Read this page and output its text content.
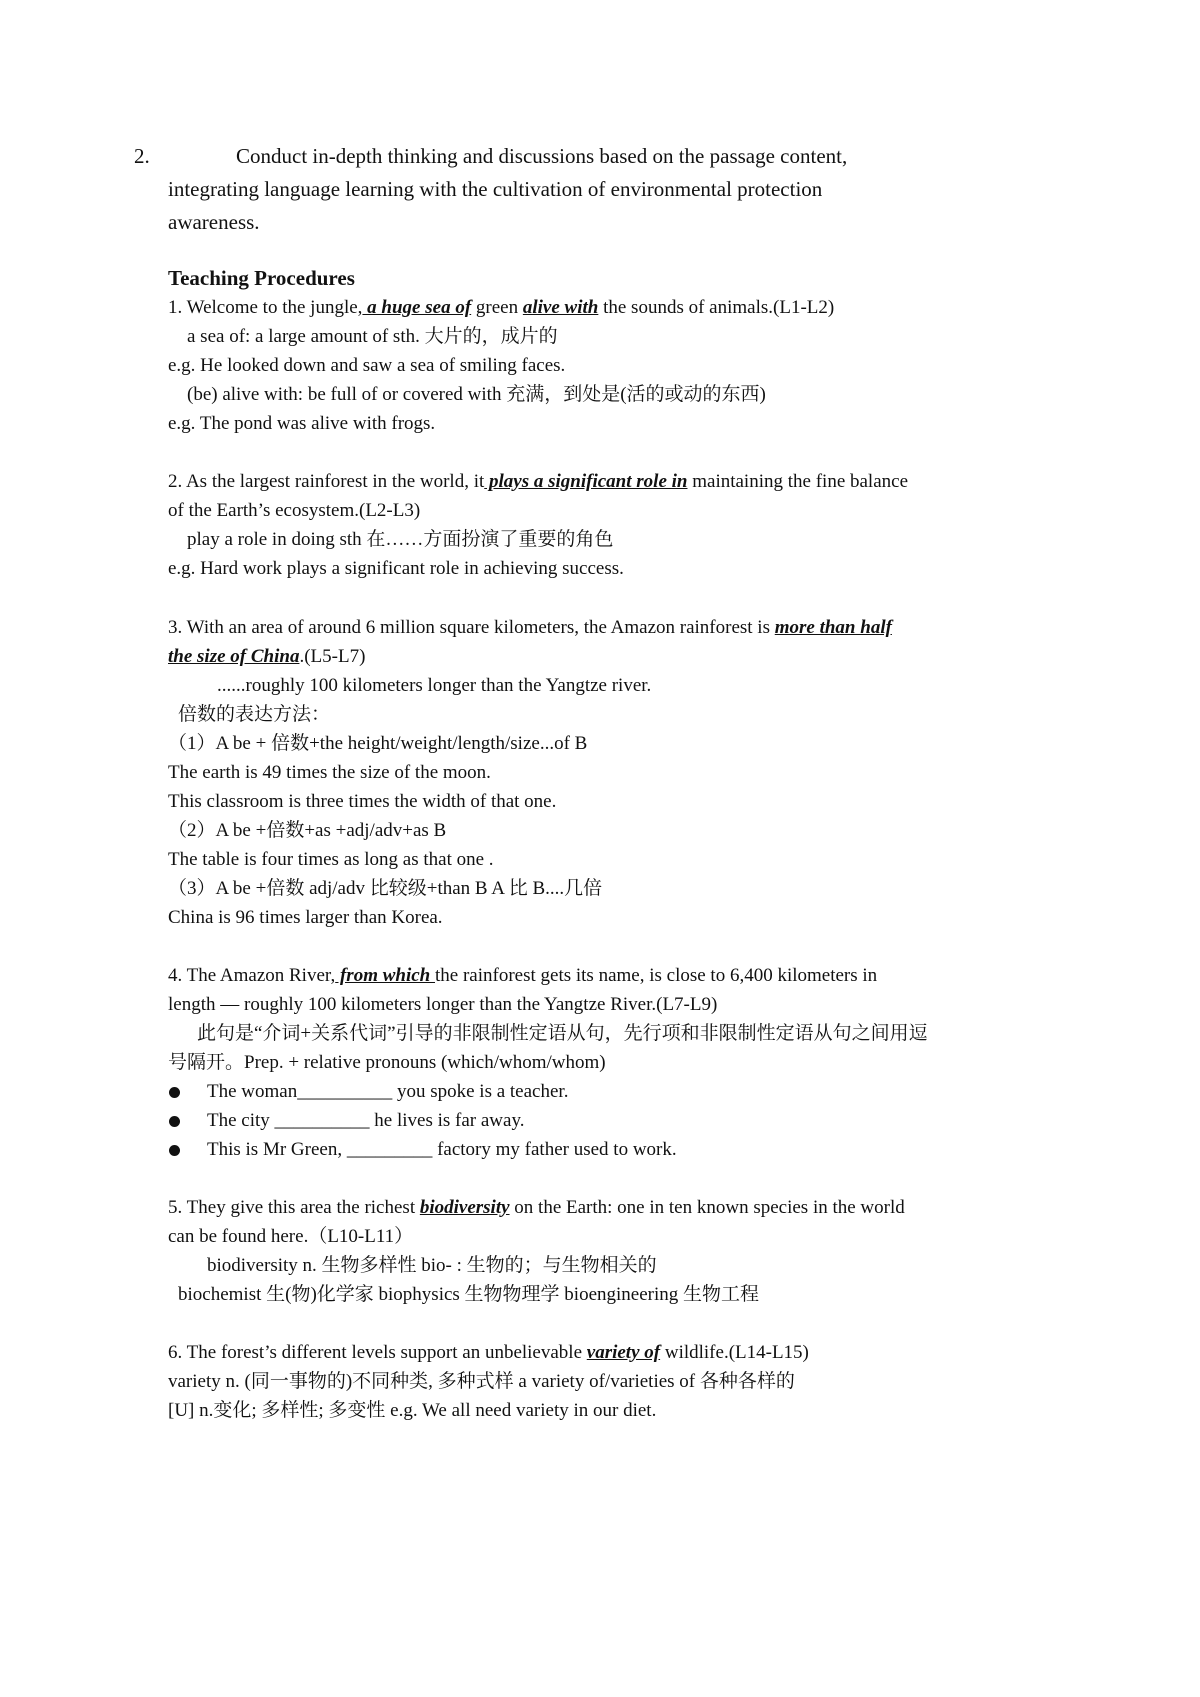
2.	Conduct in-depth thinking and discussions based on the passage content,
integrating language learning with the cultivation of environmental protection
awareness.
Teaching Procedures
1. Welcome to the jungle, a huge sea of green alive with the sounds of animals.(L1-L2)
a sea of: a large amount of sth. 大片的，成片的
e.g. He looked down and saw a sea of smiling faces.
(be) alive with: be full of or covered with 充满，到处是(活的或动的东西)
e.g. The pond was alive with frogs.
2. As the largest rainforest in the world, it plays a significant role in maintaining the fine balance
of the Earth’s ecosystem.(L2-L3)
play a role in doing sth 在……方面扮演了重要的角色
e.g. Hard work plays a significant role in achieving success.
3. With an area of around 6 million square kilometers, the Amazon rainforest is more than half
the size of China.(L5-L7)
......roughly 100 kilometers longer than the Yangtze river.
倍数的表达方法：
（1）A be + 倍数+the height/weight/length/size...of B
The earth is 49 times the size of the moon.
This classroom is three times the width of that one.
（2）A be +倍数+as +adj/adv+as B
The table is four times as long as that one .
（3）A be +倍数 adj/adv 比较级+than B A 比 B....几倍
China is 96 times larger than Korea.
4. The Amazon River, from which the rainforest gets its name, is close to 6,400 kilometers in
length — roughly 100 kilometers longer than the Yangtze River.(L7-L9)
此句是“介词+关系代词”引导的非限制性定语从句，先行项和非限制性定语从句之间用逗
号隔开。Prep. + relative pronouns (which/whom/whom)
The woman__________ you spoke is a teacher.
The city __________ he lives is far away.
This is Mr Green, _________ factory my father used to work.
5. They give this area the richest biodiversity on the Earth: one in ten known species in the world
can be found here.（L10-L11）
biodiversity n. 生物多样性 bio- : 生物的；与生物相关的
biochemist 生(物)化学家 biophysics 生物物理学 bioengineering 生物工程
6. The forest’s different levels support an unbelievable variety of wildlife.(L14-L15)
variety n. (同一事物的)不同种类, 多种式样 a variety of/varieties of 各种各样的
[U] n.变化; 多样性; 多变性 e.g. We all need variety in our diet.
